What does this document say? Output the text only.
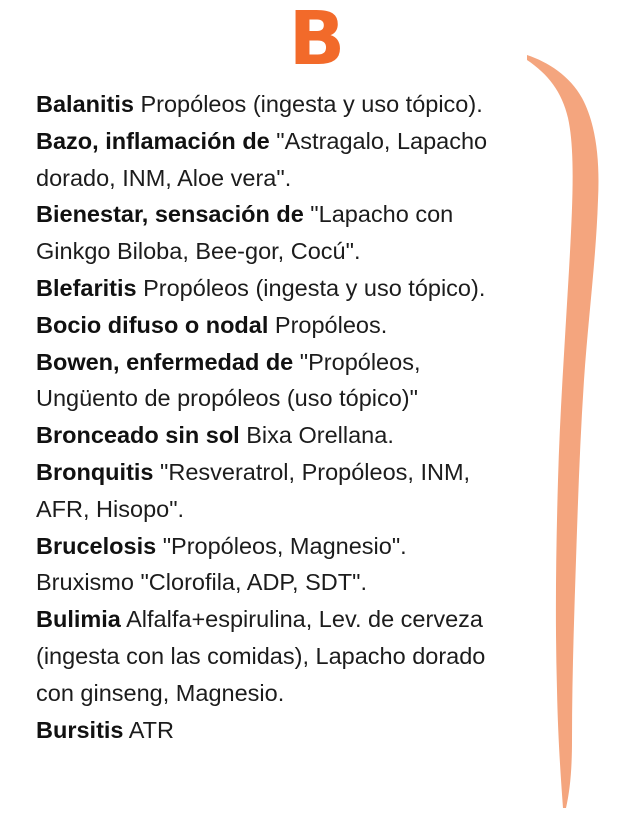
B

Balanitis Propóleos (ingesta y uso tópico).

Bazo, inflamación de "Astragalo, Lapacho dorado, INM, Aloe vera".

Bienestar, sensación de "Lapacho con Ginkgo Biloba, Bee-gor, Cocú".

Blefaritis Propóleos (ingesta y uso tópico).

Bocio difuso o nodal Propóleos.

Bowen, enfermedad de "Propóleos, Ungüento de propóleos (uso tópico)"

Bronceado sin sol Bixa Orellana.

Bronquitis "Resveratrol, Propóleos, INM, AFR, Hisopo".

Brucelosis "Propóleos, Magnesio".

Bruxismo "Clorofila, ADP, SDT".

Bulimia Alfalfa+espirulina, Lev. de cerveza (ingesta con las comidas), Lapacho dorado con ginseng, Magnesio.

Bursitis ATR
